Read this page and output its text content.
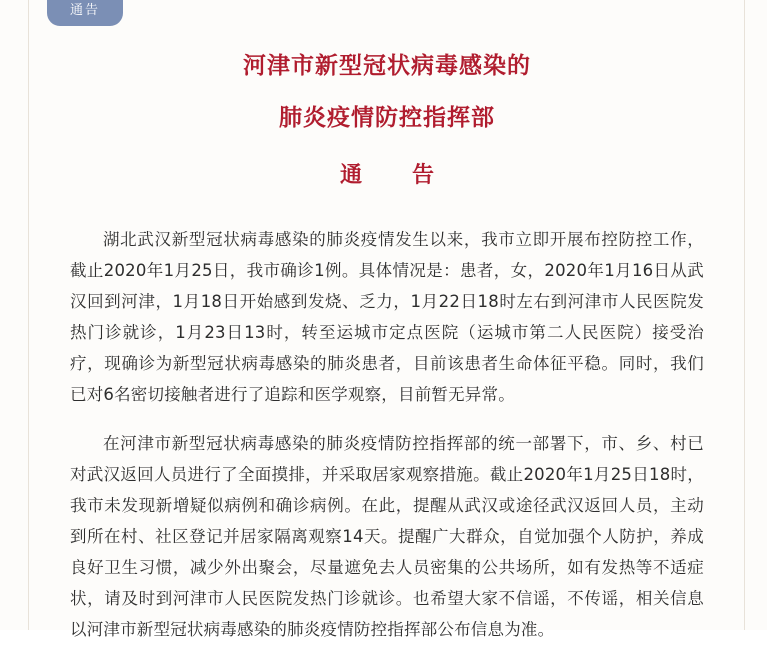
通告
河津市新型冠状病毒感染的
肺炎疫情防控指挥部
通　告

湖北武汉新型冠状病毒感染的肺炎疫情发生以来，我市立即开展布控防控工作，截止2020年1月25日，我市确诊1例。具体情况是：患者，女，2020年1月16日从武汉回到河津，1月18日开始感到发烧、乏力，1月22日18时左右到河津市人民医院发热门诊就诊，1月23日13时，转至运城市定点医院（运城市第二人民医院）接受治疗，现确诊为新型冠状病毒感染的肺炎患者，目前该患者生命体征平稳。同时，我们已对6名密切接触者进行了追踪和医学观察，目前暂无异常。

在河津市新型冠状病毒感染的肺炎疫情防控指挥部的统一部署下，市、乡、村已对武汉返回人员进行了全面摸排，并采取居家观察措施。截止2020年1月25日18时，我市未发现新增疑似病例和确诊病例。在此，提醒从武汉或途径武汉返回人员，主动到所在村、社区登记并居家隔离观察14天。提醒广大群众，自觉加强个人防护，养成良好卫生习惯，减少外出聚会，尽量遮免去人员密集的公共场所，如有发热等不适症状，请及时到河津市人民医院发热门诊就诊。也希望大家不信谣，不传谣，相关信息以河津市新型冠状病毒感染的肺炎疫情防控指挥部公布信息为准。
